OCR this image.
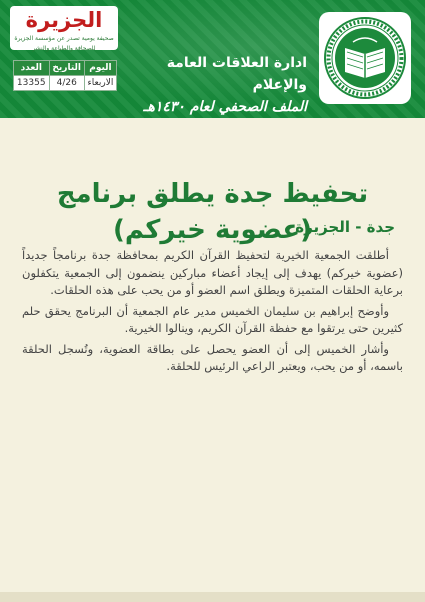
ادارة العلاقات العامة والإعلام
الملف الصحفي لعام ١٤٣٠هـ
الجزيرة
صحيفة يومية تصدر عن مؤسسة الجزيرة للصحافة والطباعة والنشر
اليوم	التاريخ	العدد
الاربعاء	4/26	13355
تحفيظ جدة يطلق برنامج (عضوية خيركم)
جدة - الجزيرة

أطلقت الجمعية الخيرية لتحفيظ القرآن الكريم بمحافظة جدة برنامجاً جديداً (عضوية خيركم) يهدف إلى إيجاد أعضاء مباركين ينضمون إلى الجمعية يتكفلون برعاية الحلقات المتميزة ويطلق اسم العضو أو من يحب على هذه الحلقات.

وأوضح إبراهيم بن سليمان الخميس مدير عام الجمعية أن البرنامج يحقق حلم كثيرين حتى يرتقوا مع حفظة القرآن الكريم، وينالوا الخيرية.

وأشار الخميس إلى أن العضو يحصل على بطاقة العضوية، وتُسجل الحلقة باسمه، أو من يحب، ويعتبر الراعي الرئيس للحلقة.
